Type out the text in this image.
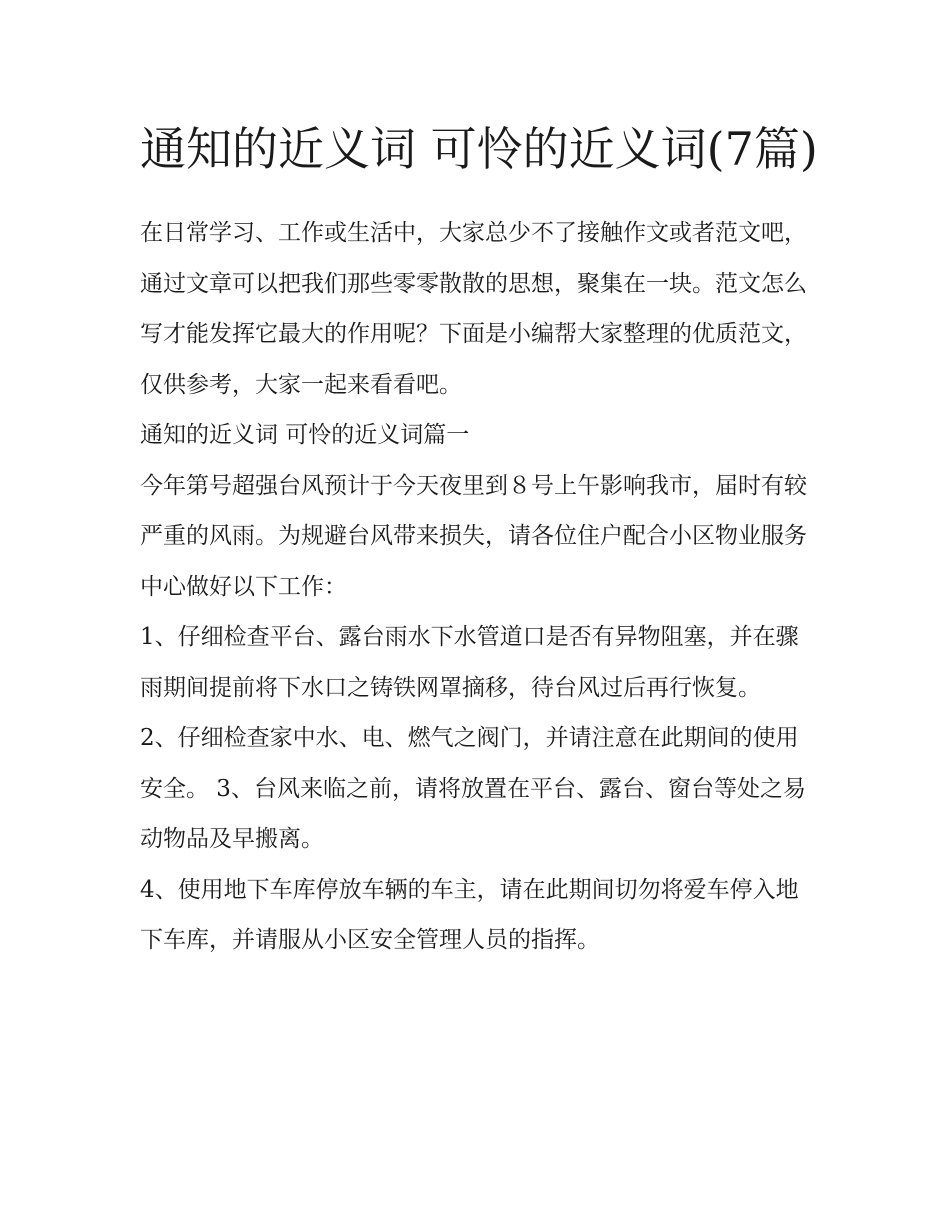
通知的近义词 可怜的近义词(7篇)

在日常学习、工作或生活中，大家总少不了接触作文或者范文吧，通过文章可以把我们那些零零散散的思想，聚集在一块。范文怎么写才能发挥它最大的作用呢？下面是小编帮大家整理的优质范文，仅供参考，大家一起来看看吧。

通知的近义词 可怜的近义词篇一

今年第号超强台风预计于今天夜里到８号上午影响我市，届时有较严重的风雨。为规避台风带来损失，请各位住户配合小区物业服务中心做好以下工作：

1、仔细检查平台、露台雨水下水管道口是否有异物阻塞，并在骤雨期间提前将下水口之铸铁网罩摘移，待台风过后再行恢复。

2、仔细检查家中水、电、燃气之阀门，并请注意在此期间的使用安全。 3、台风来临之前，请将放置在平台、露台、窗台等处之易动物品及早搬离。

4、使用地下车库停放车辆的车主，请在此期间切勿将爱车停入地下车库，并请服从小区安全管理人员的指挥。
